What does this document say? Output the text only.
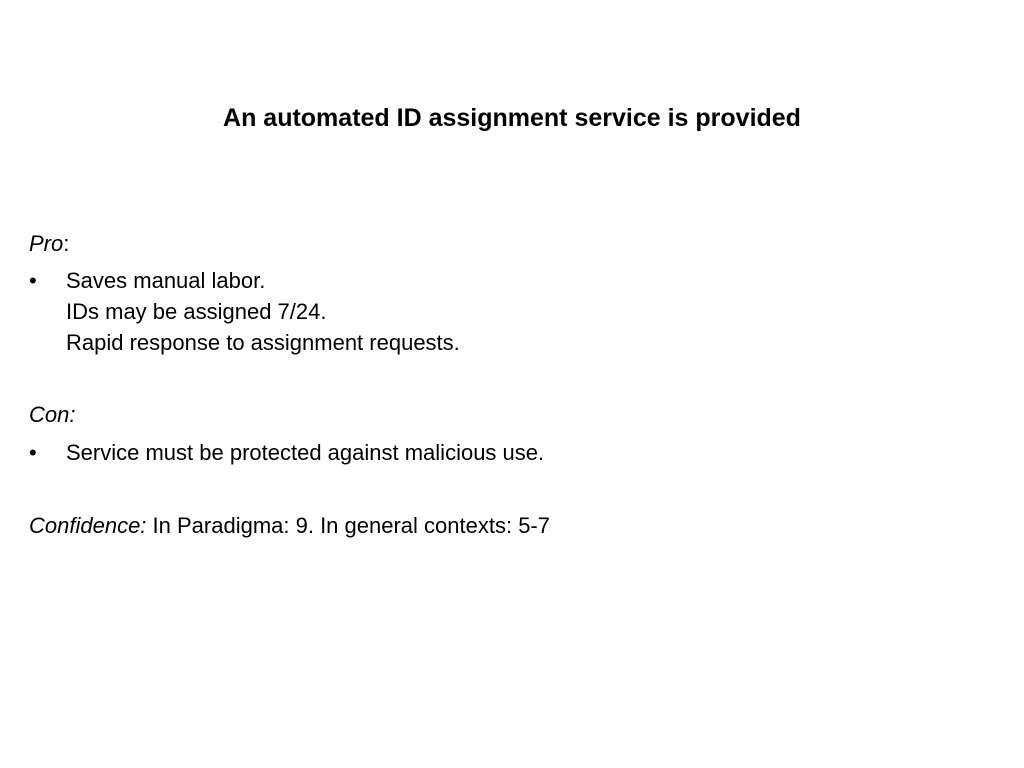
An automated ID assignment service is provided

Pro:

• Saves manual labor.
IDs may be assigned 7/24.
Rapid response to assignment requests.

Con:

• Service must be protected against malicious use.

Confidence: In Paradigma: 9. In general contexts: 5-7
